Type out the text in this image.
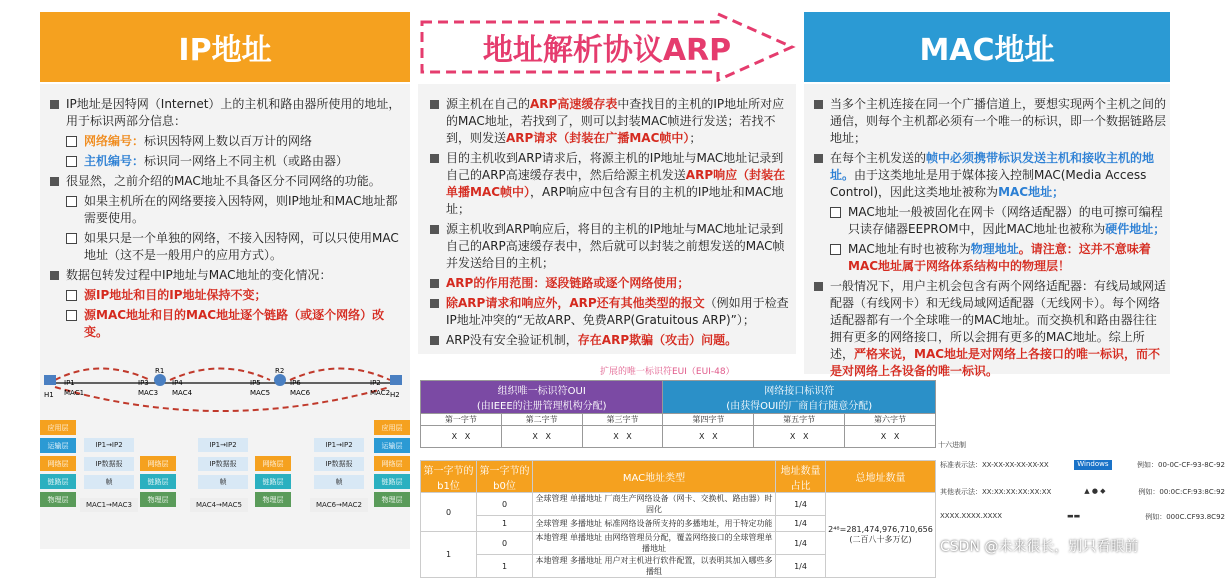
IP地址	地址解析协议ARP	MAC地址
IP地址是因特网（Internet）上的主机和路由器所使用的地址，用于标识两部分信息：
网络编号：标识因特网上数以百万计的网络
主机编号：标识同一网络上不同主机（或路由器）
很显然，之前介绍的MAC地址不具备区分不同网络的功能。
如果主机所在的网络要接入因特网，则IP地址和MAC地址都需要使用。
如果只是一个单独的网络，不接入因特网，可以只使用MAC地址（这不是一般用户的应用方式）。
数据包转发过程中IP地址与MAC地址的变化情况：
源IP地址和目的IP地址保持不变；
源MAC地址和目的MAC地址逐个链路（或逐个网络）改变。
源主机在自己的ARP高速缓存表中查找目的主机的IP地址所对应的MAC地址，若找到了，则可以封装MAC帧进行发送；若找不到，则发送ARP请求（封装在广播MAC帧中）；
目的主机收到ARP请求后，将源主机的IP地址与MAC地址记录到自己的ARP高速缓存表中，然后给源主机发送ARP响应（封装在单播MAC帧中），ARP响应中包含有目的主机的IP地址和MAC地址；
源主机收到ARP响应后，将目的主机的IP地址与MAC地址记录到自己的ARP高速缓存表中，然后就可以封装之前想发送的MAC帧并发送给目的主机；
ARP的作用范围：逐段链路或逐个网络使用；
除ARP请求和响应外，ARP还有其他类型的报文（例如用于检查IP地址冲突的“无故ARP、免费ARP(Gratuitous ARP)”）；
ARP没有安全验证机制，存在ARP欺骗（攻击）问题。
当多个主机连接在同一个广播信道上，要想实现两个主机之间的通信，则每个主机都必须有一个唯一的标识，即一个数据链路层地址；
在每个主机发送的帧中必须携带标识发送主机和接收主机的地址。由于这类地址是用于媒体接入控制MAC(Media Access Control)，因此这类地址被称为MAC地址；
MAC地址一般被固化在网卡（网络适配器）的电可擦可编程只读存储器EEPROM中，因此MAC地址也被称为硬件地址；
MAC地址有时也被称为物理地址。请注意：这并不意味着MAC地址属于网络体系结构中的物理层！
一般情况下，用户主机会包含有两个网络适配器：有线局域网适配器（有线网卡）和无线局域网适配器（无线网卡）。每个网络适配器都有一个全球唯一的MAC地址。而交换机和路由器往往拥有更多的网络接口，所以会拥有更多的MAC地址。综上所述，严格来说，MAC地址是对网络上各接口的唯一标识，而不是对网络上各设备的唯一标识。
H1
IP1
MAC1
R1
IP3
MAC3
IP4
MAC4
R2
IP5
MAC5
IP6
MAC6	H2
IP2
MAC2
应用层
运输层
网络层
链路层
物理层
应用层
运输层
网络层
链路层
物理层
网络层
链路层
物理层
网络层
链路层
物理层
IP1→IP2	IP1→IP2	IP1→IP2
IP数据报	IP数据报	IP数据报
帧	帧	帧
MAC1→MAC3	MAC4→MAC5	MAC6→MAC2
扩展的唯一标识符EUI（EUI-48）
组织唯一标识符OUI
(由IEEE的注册管理机构分配)			网络接口标识符
(由获得OUI的厂商自行随意分配)		
第一字节	第二字节	第三字节	第四字节	第五字节	第六字节
X   X	X   X	X   X	X   X	X   X	X   X
十六进制
第一字节的b1位	第一字节的b0位	MAC地址类型	地址数量占比	总地址数量
0	0	全球管理 单播地址 厂商生产网络设备（网卡、交换机、路由器）时固化	1/4	2⁴⁸=281,474,976,710,656
(二百八十多万亿)
	1	全球管理 多播地址 标准网络设备所支持的多播地址，用于特定功能	1/4	
1	0	本地管理 单播地址 由网络管理员分配，覆盖网络接口的全球管理单播地址	1/4	
	1	本地管理 多播地址 用户对主机进行软件配置，以表明其加入哪些多播组	1/4	
标准表示法：XX-XX-XX-XX-XX-XX	Windows	例如：00-0C-CF-93-8C-92
其他表示法：XX:XX:XX:XX:XX:XX	▲ ● ◆	例如：00:0C:CF:93:8C:92
XXXX.XXXX.XXXX	▬▬	例如：000C.CF93.8C92
CSDN @未来很长，别只看眼前
